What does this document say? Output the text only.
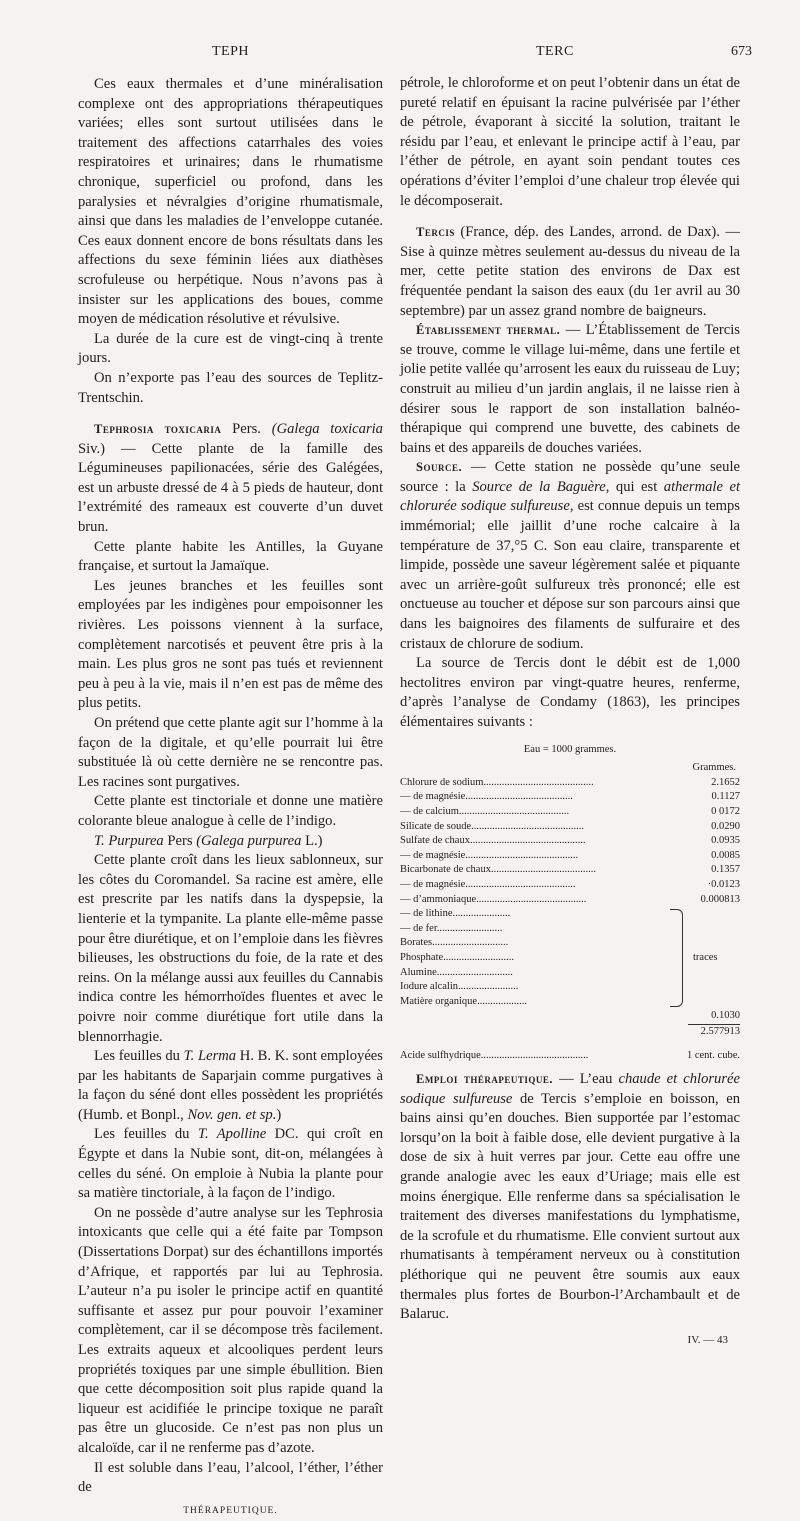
TEPH	TERC	673

Ces eaux thermales et d’une minéralisation complexe ont des appropriations thérapeutiques variées; elles sont surtout utilisées dans le traitement des affections catarrhales des voies respiratoires et urinaires; dans le rhumatisme chronique, superficiel ou profond, dans les paralysies et névralgies d’origine rhumatismale, ainsi que dans les maladies de l’enveloppe cutanée. Ces eaux donnent encore de bons résultats dans les affections du sexe féminin liées aux diathèses scrofuleuse ou herpétique. Nous n’avons pas à insister sur les applications des boues, comme moyen de médication résolutive et révulsive.

La durée de la cure est de vingt-cinq à trente jours.

On n’exporte pas l’eau des sources de Teplitz-Trentschin.

Tephrosia toxicaria Pers. (Galega toxicaria Siv.) — Cette plante de la famille des Légumineuses papilionacées, série des Galégées, est un arbuste dressé de 4 à 5 pieds de hauteur, dont l’extrémité des rameaux est couverte d’un duvet brun.

Cette plante habite les Antilles, la Guyane française, et surtout la Jamaïque.

Les jeunes branches et les feuilles sont employées par les indigènes pour empoisonner les rivières. Les poissons viennent à la surface, complètement narcotisés et peuvent être pris à la main. Les plus gros ne sont pas tués et reviennent peu à peu à la vie, mais il n’en est pas de même des plus petits.

On prétend que cette plante agit sur l’homme à la façon de la digitale, et qu’elle pourrait lui être substituée là où cette dernière ne se rencontre pas. Les racines sont purgatives.

Cette plante est tinctoriale et donne une matière colorante bleue analogue à celle de l’indigo.

T. Purpurea Pers (Galega purpurea L.)

Cette plante croît dans les lieux sablonneux, sur les côtes du Coromandel. Sa racine est amère, elle est prescrite par les natifs dans la dyspepsie, la lienterie et la tympanite. La plante elle-même passe pour être diurétique, et on l’emploie dans les fièvres bilieuses, les obstructions du foie, de la rate et des reins. On la mélange aussi aux feuilles du Cannabis indica contre les hémorrhoïdes fluentes et avec le poivre noir comme diurétique fort utile dans la blennorrhagie.

Les feuilles du T. Lerma H. B. K. sont employées par les habitants de Saparjain comme purgatives à la façon du séné dont elles possèdent les propriétés (Humb. et Bonpl., Nov. gen. et sp.)

Les feuilles du T. Apolline DC. qui croît en Égypte et dans la Nubie sont, dit-on, mélangées à celles du séné. On emploie à Nubia la plante pour sa matière tinctoriale, à la façon de l’indigo.

On ne possède d’autre analyse sur les Tephrosia intoxicants que celle qui a été faite par Tompson (Dissertations Dorpat) sur des échantillons importés d’Afrique, et rapportés par lui au Tephrosia. L’auteur n’a pu isoler le principe actif en quantité suffisante et assez pur pour pouvoir l’examiner complètement, car il se décompose très facilement. Les extraits aqueux et alcooliques perdent leurs propriétés toxiques par une simple ébullition. Bien que cette décomposition soit plus rapide quand la liqueur est acidifiée le principe toxique ne paraît pas être un glucoside. Ce n’est pas non plus un alcaloïde, car il ne renferme pas d’azote.

Il est soluble dans l’eau, l’alcool, l’éther, l’éther de

THÉRAPEUTIQUE.

pétrole, le chloroforme et on peut l’obtenir dans un état de pureté relatif en épuisant la racine pulvérisée par l’éther de pétrole, évaporant à siccité la solution, traitant le résidu par l’eau, et enlevant le principe actif à l’eau, par l’éther de pétrole, en ayant soin pendant toutes ces opérations d’éviter l’emploi d’une chaleur trop élevée qui le décomposerait.

Tercis (France, dép. des Landes, arrond. de Dax). — Sise à quinze mètres seulement au-dessus du niveau de la mer, cette petite station des environs de Dax est fréquentée pendant la saison des eaux (du 1er avril au 30 septembre) par un assez grand nombre de baigneurs.

Établissement thermal. — L’Établissement de Tercis se trouve, comme le village lui-même, dans une fertile et jolie petite vallée qu’arrosent les eaux du ruisseau de Luy; construit au milieu d’un jardin anglais, il ne laisse rien à désirer sous le rapport de son installation balnéo-thérapique qui comprend une buvette, des cabinets de bains et des appareils de douches variées.

Source. — Cette station ne possède qu’une seule source : la Source de la Baguère, qui est athermale et chlorurée sodique sulfureuse, est connue depuis un temps immémorial; elle jaillit d’une roche calcaire à la température de 37,°5 C. Son eau claire, transparente et limpide, possède une saveur légèrement salée et piquante avec un arrière-goût sulfureux très prononcé; elle est onctueuse au toucher et dépose sur son parcours ainsi que dans les baignoires des filaments de sulfuraire et des cristaux de chlorure de sodium.

La source de Tercis dont le débit est de 1,000 hectolitres environ par vingt-quatre heures, renferme, d’après l’analyse de Condamy (1863), les principes élémentaires suivants :

Eau = 1000 grammes.
Grammes.
Chlorure de sodium..........................................	2.1652
— de magnésie.........................................	0.1127
— de calcium..........................................	0 0172
Silicate de soude...........................................	0.0290
Sulfate de chaux............................................	0.0935
— de magnésie...........................................	0.0085
Bicarbonate de chaux........................................	0.1357
— de magnésie..........................................	·0.0123
— d’ammoniaque..........................................	0.000813
— de lithine......................
— de fer.........................
Borates.............................
Phosphate...........................
Alumine.............................
Iodure alcalin.......................
Matière organique...................
traces
0.1030
2.577913
Acide sulfhydrique.........................................	1 cent. cube.

Emploi thérapeutique. — L’eau chaude et chlorurée sodique sulfureuse de Tercis s’emploie en boisson, en bains ainsi qu’en douches. Bien supportée par l’estomac lorsqu’on la boit à faible dose, elle devient purgative à la dose de six à huit verres par jour. Cette eau offre une grande analogie avec les eaux d’Uriage; mais elle est moins énergique. Elle renferme dans sa spécialisation le traitement des diverses manifestations du lymphatisme, de la scrofule et du rhumatisme. Elle convient surtout aux rhumatisants à tempérament nerveux ou à constitution pléthorique qui ne peuvent être soumis aux eaux thermales plus fortes de Bourbon-l’Archambault et de Balaruc.

IV. — 43
